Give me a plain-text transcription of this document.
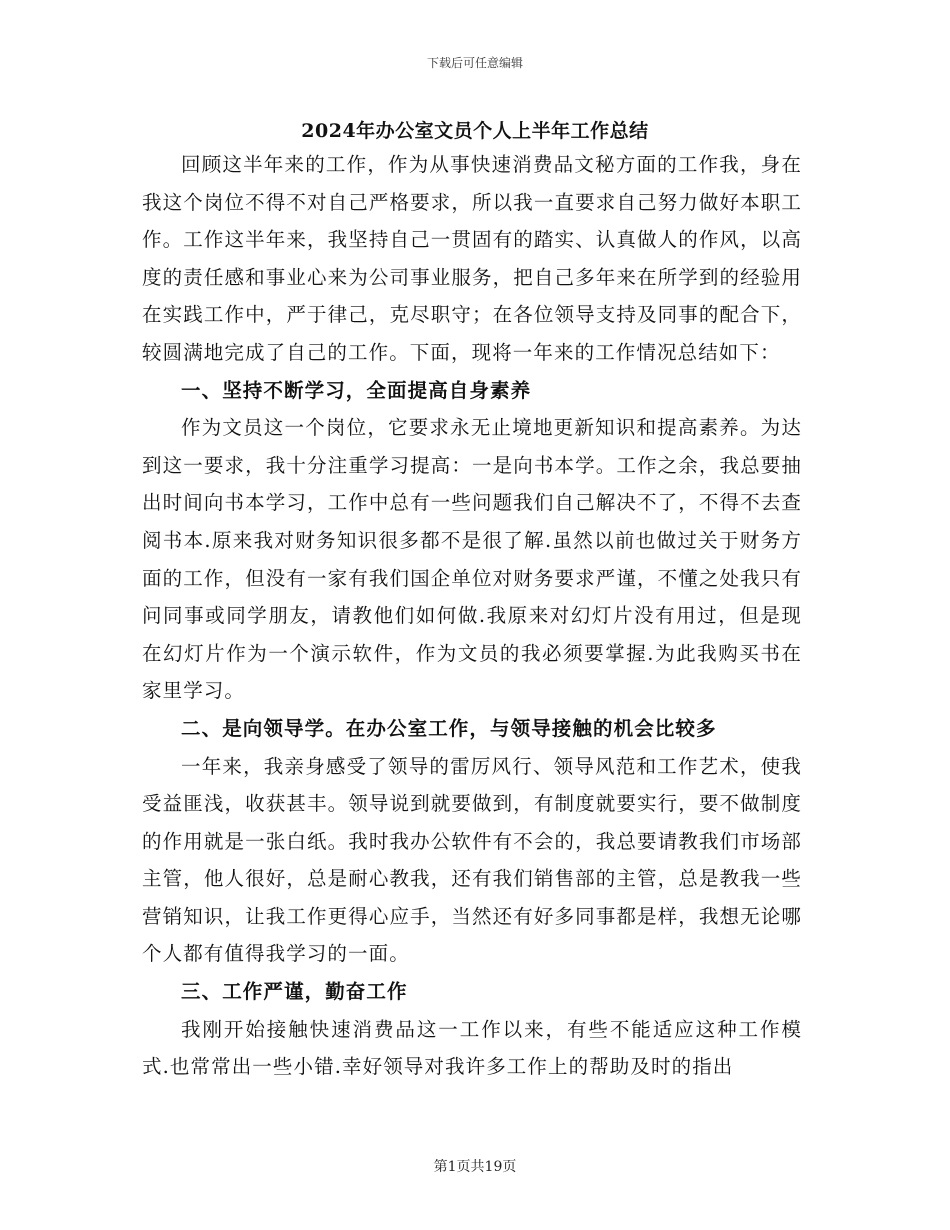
下载后可任意编辑
2024年办公室文员个人上半年工作总结

回顾这半年来的工作，作为从事快速消费品文秘方面的工作我，身在我这个岗位不得不对自己严格要求，所以我一直要求自己努力做好本职工作。工作这半年来，我坚持自己一贯固有的踏实、认真做人的作风，以高度的责任感和事业心来为公司事业服务，把自己多年来在所学到的经验用在实践工作中，严于律己，克尽职守；在各位领导支持及同事的配合下，较圆满地完成了自己的工作。下面，现将一年来的工作情况总结如下：

一、坚持不断学习，全面提高自身素养

作为文员这一个岗位，它要求永无止境地更新知识和提高素养。为达到这一要求，我十分注重学习提高：一是向书本学。工作之余，我总要抽出时间向书本学习，工作中总有一些问题我们自己解决不了，不得不去查阅书本.原来我对财务知识很多都不是很了解.虽然以前也做过关于财务方面的工作，但没有一家有我们国企单位对财务要求严谨，不懂之处我只有问同事或同学朋友，请教他们如何做.我原来对幻灯片没有用过，但是现在幻灯片作为一个演示软件，作为文员的我必须要掌握.为此我购买书在家里学习。

二、是向领导学。在办公室工作，与领导接触的机会比较多

一年来，我亲身感受了领导的雷厉风行、领导风范和工作艺术，使我受益匪浅，收获甚丰。领导说到就要做到，有制度就要实行，要不做制度的作用就是一张白纸。我时我办公软件有不会的，我总要请教我们市场部主管，他人很好，总是耐心教我，还有我们销售部的主管，总是教我一些营销知识，让我工作更得心应手，当然还有好多同事都是样，我想无论哪个人都有值得我学习的一面。

三、工作严谨，勤奋工作

我刚开始接触快速消费品这一工作以来，有些不能适应这种工作模式.也常常出一些小错.幸好领导对我许多工作上的帮助及时的指出

第1页共19页
